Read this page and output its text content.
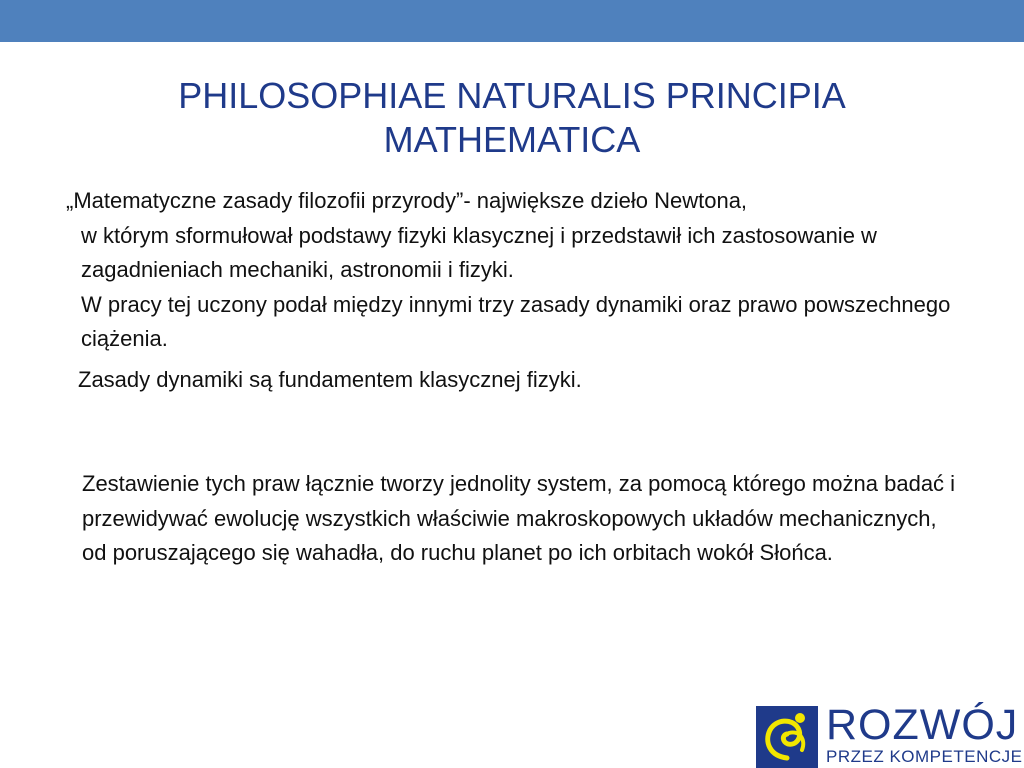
PHILOSOPHIAE NATURALIS PRINCIPIA MATHEMATICA

„Matematyczne zasady filozofii przyrody”- największe dzieło Newtona,
w którym sformułował podstawy fizyki klasycznej i przedstawił ich zastosowanie w zagadnieniach mechaniki, astronomii i fizyki.
W pracy tej uczony podał między innymi trzy zasady dynamiki oraz prawo powszechnego ciążenia.

Zasady dynamiki są fundamentem klasycznej fizyki.

Zestawienie tych praw łącznie tworzy jednolity system, za pomocą którego można badać i przewidywać ewolucję wszystkich właściwie makroskopowych układów mechanicznych, od poruszającego się wahadła, do ruchu planet po ich orbitach wokół Słońca.

ROZWÓJ
PRZEZ KOMPETENCJE
